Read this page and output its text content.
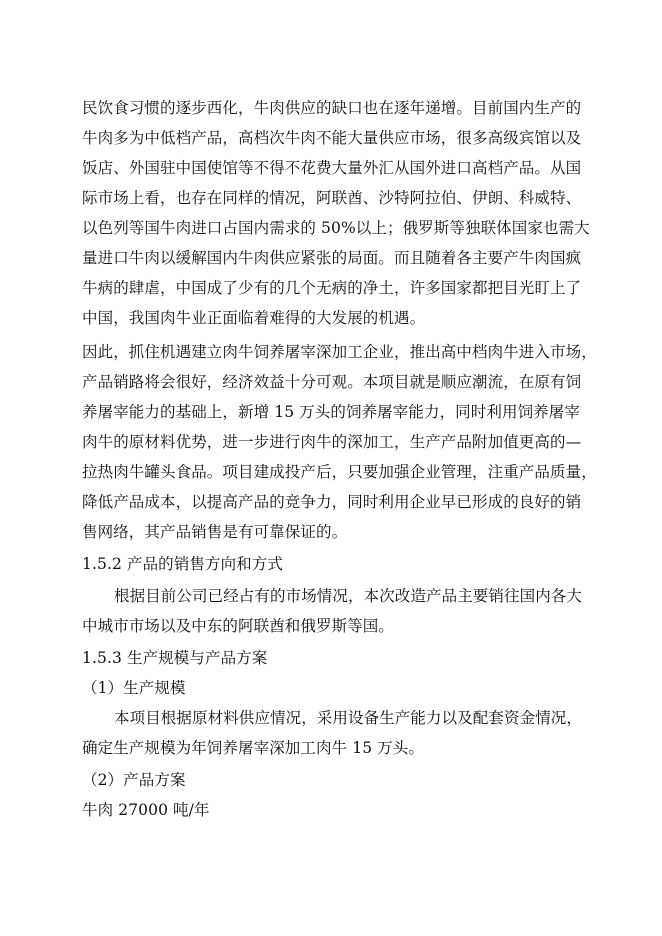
民饮食习惯的逐步西化，牛肉供应的缺口也在逐年递增。目前国内生产的
牛肉多为中低档产品，高档次牛肉不能大量供应市场，很多高级宾馆以及
饭店、外国驻中国使馆等不得不花费大量外汇从国外进口高档产品。从国
际市场上看，也存在同样的情况，阿联酋、沙特阿拉伯、伊朗、科威特、
以色列等国牛肉进口占国内需求的 50%以上；俄罗斯等独联体国家也需大
量进口牛肉以缓解国内牛肉供应紧张的局面。而且随着各主要产牛肉国疯
牛病的肆虐，中国成了少有的几个无病的净土，许多国家都把目光盯上了
中国，我国肉牛业正面临着难得的大发展的机遇。
因此，抓住机遇建立肉牛饲养屠宰深加工企业，推出高中档肉牛进入市场，
产品销路将会很好，经济效益十分可观。本项目就是顺应潮流，在原有饲
养屠宰能力的基础上，新增 15 万头的饲养屠宰能力，同时利用饲养屠宰
肉牛的原材料优势，进一步进行肉牛的深加工，生产产品附加值更高的—
拉热肉牛罐头食品。项目建成投产后，只要加强企业管理，注重产品质量，
降低产品成本，以提高产品的竞争力，同时利用企业早已形成的良好的销
售网络，其产品销售是有可靠保证的。
1.5.2 产品的销售方向和方式
根据目前公司已经占有的市场情况，本次改造产品主要销往国内各大
中城市市场以及中东的阿联酋和俄罗斯等国。
1.5.3 生产规模与产品方案
（1）生产规模
本项目根据原材料供应情况，采用设备生产能力以及配套资金情况，
确定生产规模为年饲养屠宰深加工肉牛 15 万头。
（2）产品方案
牛肉 27000 吨/年
